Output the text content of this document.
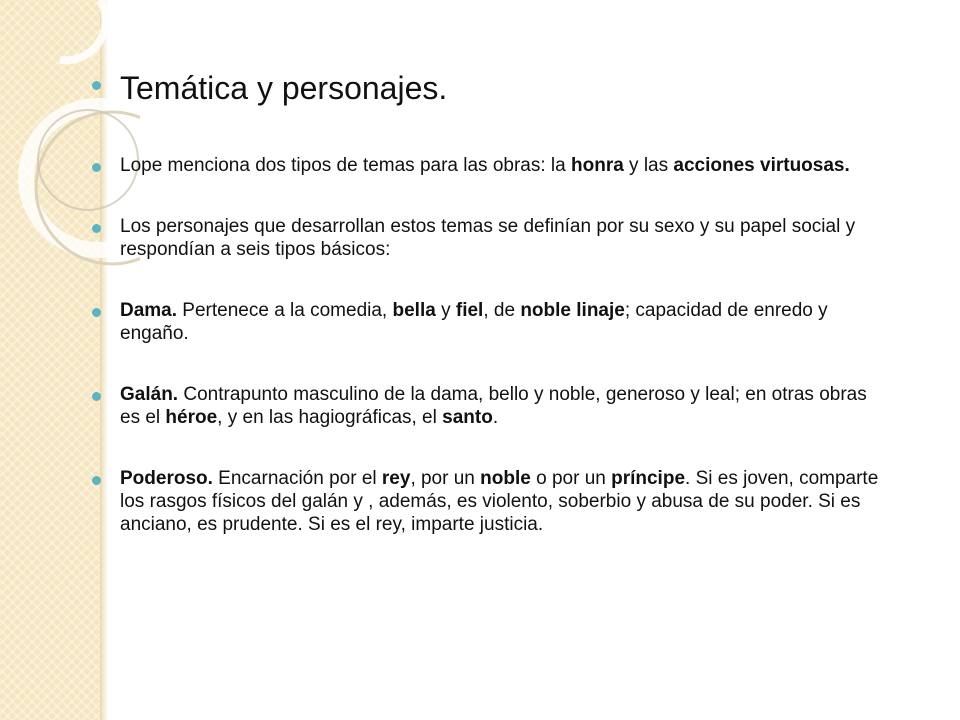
Temática y personajes.

Lope menciona dos tipos de temas para las obras: la honra y las acciones virtuosas.

Los personajes que desarrollan estos temas se definían por su sexo y su papel social y respondían a seis tipos básicos:

Dama. Pertenece a la comedia, bella y fiel, de noble linaje; capacidad de enredo y engaño.

Galán. Contrapunto masculino de la dama, bello y noble, generoso y leal; en otras obras es el héroe, y en las hagiográficas, el santo.

Poderoso. Encarnación por el rey, por un noble o por un príncipe. Si es joven, comparte los rasgos físicos del galán y , además, es violento, soberbio y abusa de su poder. Si es anciano, es prudente. Si es el rey, imparte justicia.
